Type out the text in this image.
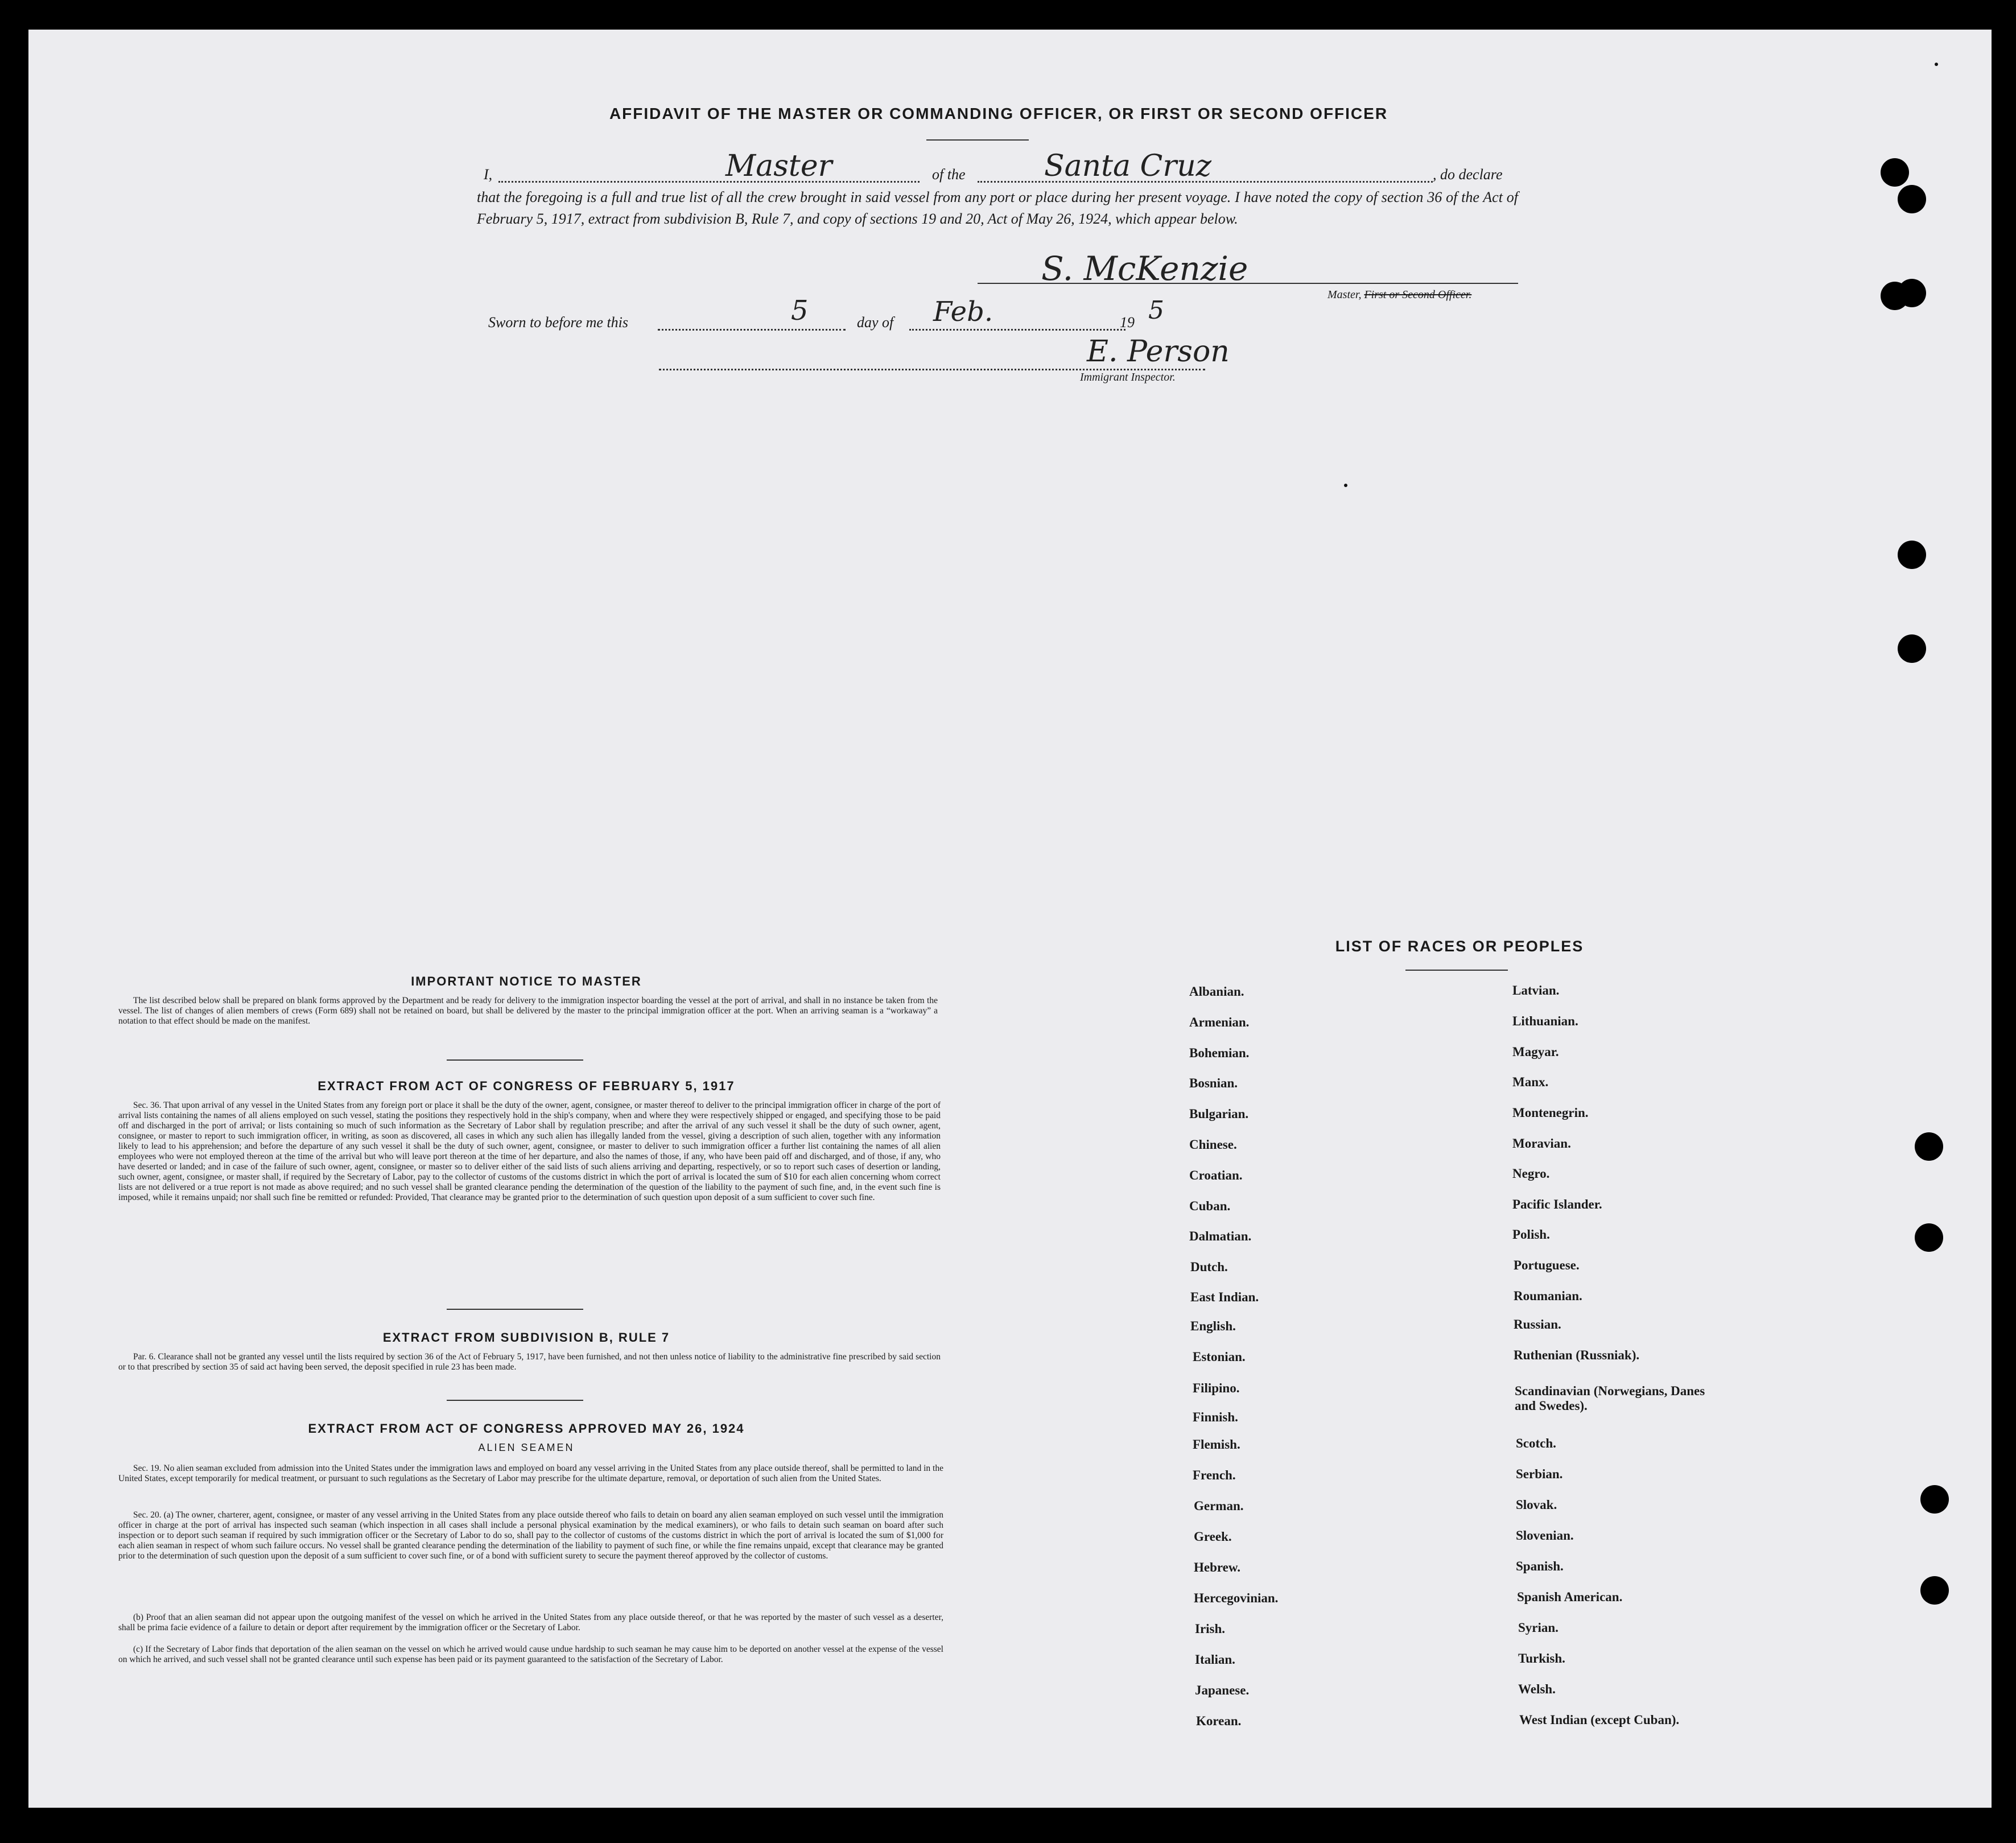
AFFIDAVIT OF THE MASTER OR COMMANDING OFFICER, OR FIRST OR SECOND OFFICER
I,	of the	, do declare
Master	Santa Cruz
that the foregoing is a full and true list of all the crew brought in said vessel from any port or place during her present voyage. I have noted the copy of section 36 of the Act of February 5, 1917, extract from subdivision B, Rule 7, and copy of sections 19 and 20, Act of May 26, 1924, which appear below.
S. McKenzie
Master, First or Second Officer.
Sworn to before me this	day of	19
5	Feb.	5
E. Person
Immigrant Inspector.
IMPORTANT NOTICE TO MASTER
The list described below shall be prepared on blank forms approved by the Department and be ready for delivery to the immigration inspector boarding the vessel at the port of arrival, and shall in no instance be taken from the vessel. The list of changes of alien members of crews (Form 689) shall not be retained on board, but shall be delivered by the master to the principal immigration officer at the port. When an arriving seaman is a “workaway” a notation to that effect should be made on the manifest.
EXTRACT FROM ACT OF CONGRESS OF FEBRUARY 5, 1917
Sec. 36. That upon arrival of any vessel in the United States from any foreign port or place it shall be the duty of the owner, agent, consignee, or master thereof to deliver to the principal immigration officer in charge of the port of arrival lists containing the names of all aliens employed on such vessel, stating the positions they respectively hold in the ship's company, when and where they were respectively shipped or engaged, and specifying those to be paid off and discharged in the port of arrival; or lists containing so much of such information as the Secretary of Labor shall by regulation prescribe; and after the arrival of any such vessel it shall be the duty of such owner, agent, consignee, or master to report to such immigration officer, in writing, as soon as discovered, all cases in which any such alien has illegally landed from the vessel, giving a description of such alien, together with any information likely to lead to his apprehension; and before the departure of any such vessel it shall be the duty of such owner, agent, consignee, or master to deliver to such immigration officer a further list containing the names of all alien employees who were not employed thereon at the time of the arrival but who will leave port thereon at the time of her departure, and also the names of those, if any, who have been paid off and discharged, and of those, if any, who have deserted or landed; and in case of the failure of such owner, agent, consignee, or master so to deliver either of the said lists of such aliens arriving and departing, respectively, or so to report such cases of desertion or landing, such owner, agent, consignee, or master shall, if required by the Secretary of Labor, pay to the collector of customs of the customs district in which the port of arrival is located the sum of $10 for each alien concerning whom correct lists are not delivered or a true report is not made as above required; and no such vessel shall be granted clearance pending the determination of the question of the liability to the payment of such fine, and, in the event such fine is imposed, while it remains unpaid; nor shall such fine be remitted or refunded: Provided, That clearance may be granted prior to the determination of such question upon deposit of a sum sufficient to cover such fine.
EXTRACT FROM SUBDIVISION B, RULE 7
Par. 6. Clearance shall not be granted any vessel until the lists required by section 36 of the Act of February 5, 1917, have been furnished, and not then unless notice of liability to the administrative fine prescribed by said section or to that prescribed by section 35 of said act having been served, the deposit specified in rule 23 has been made.
EXTRACT FROM ACT OF CONGRESS APPROVED MAY 26, 1924
ALIEN SEAMEN
Sec. 19. No alien seaman excluded from admission into the United States under the immigration laws and employed on board any vessel arriving in the United States from any place outside thereof, shall be permitted to land in the United States, except temporarily for medical treatment, or pursuant to such regulations as the Secretary of Labor may prescribe for the ultimate departure, removal, or deportation of such alien from the United States.
Sec. 20. (a) The owner, charterer, agent, consignee, or master of any vessel arriving in the United States from any place outside thereof who fails to detain on board any alien seaman employed on such vessel until the immigration officer in charge at the port of arrival has inspected such seaman (which inspection in all cases shall include a personal physical examination by the medical examiners), or who fails to detain such seaman on board after such inspection or to deport such seaman if required by such immigration officer or the Secretary of Labor to do so, shall pay to the collector of customs of the customs district in which the port of arrival is located the sum of $1,000 for each alien seaman in respect of whom such failure occurs. No vessel shall be granted clearance pending the determination of the liability to payment of such fine, or while the fine remains unpaid, except that clearance may be granted prior to the determination of such question upon the deposit of a sum sufficient to cover such fine, or of a bond with sufficient surety to secure the payment thereof approved by the collector of customs.
(b) Proof that an alien seaman did not appear upon the outgoing manifest of the vessel on which he arrived in the United States from any place outside thereof, or that he was reported by the master of such vessel as a deserter, shall be prima facie evidence of a failure to detain or deport after requirement by the immigration officer or the Secretary of Labor.
(c) If the Secretary of Labor finds that deportation of the alien seaman on the vessel on which he arrived would cause undue hardship to such seaman he may cause him to be deported on another vessel at the expense of the vessel on which he arrived, and such vessel shall not be granted clearance until such expense has been paid or its payment guaranteed to the satisfaction of the Secretary of Labor.
LIST OF RACES OR PEOPLES
Albanian.
Armenian.
Bohemian.
Bosnian.
Bulgarian.
Chinese.
Croatian.
Cuban.
Dalmatian.
Dutch.
East Indian.
English.
Estonian.
Filipino.
Finnish.
Flemish.
French.
German.
Greek.
Hebrew.
Hercegovinian.
Irish.
Italian.
Japanese.
Korean.
Latvian.
Lithuanian.
Magyar.
Manx.
Montenegrin.
Moravian.
Negro.
Pacific Islander.
Polish.
Portuguese.
Roumanian.
Russian.
Ruthenian (Russniak).
Scandinavian (Norwegians, Danes and Swedes).
Scotch.
Serbian.
Slovak.
Slovenian.
Spanish.
Spanish American.
Syrian.
Turkish.
Welsh.
West Indian (except Cuban).
